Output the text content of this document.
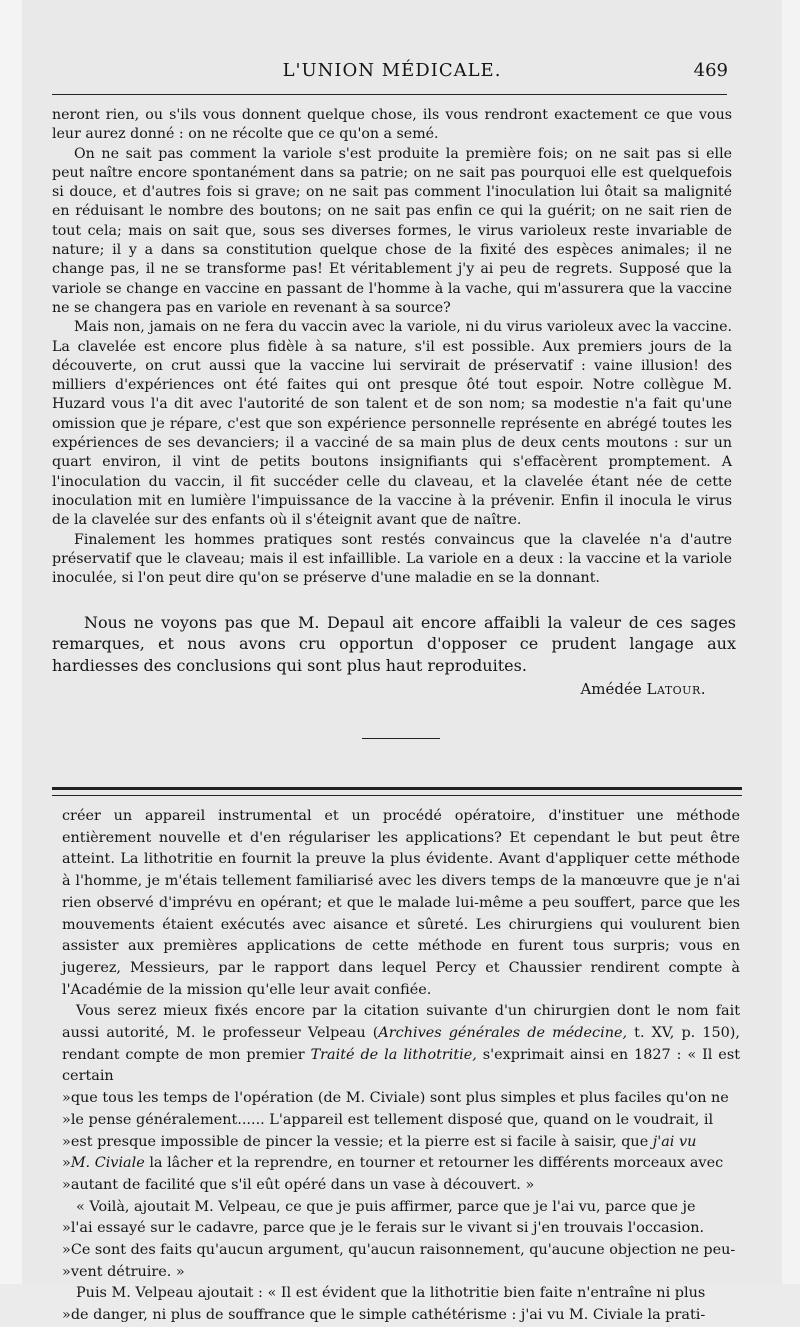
L'UNION MÉDICALE.	469

neront rien, ou s'ils vous donnent quelque chose, ils vous rendront exactement ce que vous leur aurez donné : on ne récolte que ce qu'on a semé.

On ne sait pas comment la variole s'est produite la première fois; on ne sait pas si elle peut naître encore spontanément dans sa patrie; on ne sait pas pourquoi elle est quelquefois si douce, et d'autres fois si grave; on ne sait pas comment l'inoculation lui ôtait sa malignité en réduisant le nombre des boutons; on ne sait pas enfin ce qui la guérit; on ne sait rien de tout cela; mais on sait que, sous ses diverses formes, le virus varioleux reste invariable de nature; il y a dans sa constitution quelque chose de la fixité des espèces animales; il ne change pas, il ne se transforme pas! Et véritablement j'y ai peu de regrets. Supposé que la variole se change en vaccine en passant de l'homme à la vache, qui m'assurera que la vaccine ne se changera pas en variole en revenant à sa source?

Mais non, jamais on ne fera du vaccin avec la variole, ni du virus varioleux avec la vaccine. La clavelée est encore plus fidèle à sa nature, s'il est possible. Aux premiers jours de la découverte, on crut aussi que la vaccine lui servirait de préservatif : vaine illusion! des milliers d'expériences ont été faites qui ont presque ôté tout espoir. Notre collègue M. Huzard vous l'a dit avec l'autorité de son talent et de son nom; sa modestie n'a fait qu'une omission que je répare, c'est que son expérience personnelle représente en abrégé toutes les expériences de ses devanciers; il a vacciné de sa main plus de deux cents moutons : sur un quart environ, il vint de petits boutons insignifiants qui s'effacèrent promptement. A l'inoculation du vaccin, il fit succéder celle du claveau, et la clavelée étant née de cette inoculation mit en lumière l'impuissance de la vaccine à la prévenir. Enfin il inocula le virus de la clavelée sur des enfants où il s'éteignit avant que de naître.

Finalement les hommes pratiques sont restés convaincus que la clavelée n'a d'autre préservatif que le claveau; mais il est infaillible. La variole en a deux : la vaccine et la variole inoculée, si l'on peut dire qu'on se préserve d'une maladie en se la donnant.

Nous ne voyons pas que M. Depaul ait encore affaibli la valeur de ces sages remarques, et nous avons cru opportun d'opposer ce prudent langage aux hardiesses des conclusions qui sont plus haut reproduites.

Amédée Latour.

créer un appareil instrumental et un procédé opératoire, d'instituer une méthode entièrement nouvelle et d'en régulariser les applications? Et cependant le but peut être atteint. La lithotritie en fournit la preuve la plus évidente. Avant d'appliquer cette méthode à l'homme, je m'étais tellement familiarisé avec les divers temps de la manœuvre que je n'ai rien observé d'imprévu en opérant; et que le malade lui-même a peu souffert, parce que les mouvements étaient exécutés avec aisance et sûreté. Les chirurgiens qui voulurent bien assister aux premières applications de cette méthode en furent tous surpris; vous en jugerez, Messieurs, par le rapport dans lequel Percy et Chaussier rendirent compte à l'Académie de la mission qu'elle leur avait confiée.

Vous serez mieux fixés encore par la citation suivante d'un chirurgien dont le nom fait aussi autorité, M. le professeur Velpeau (Archives générales de médecine, t. XV, p. 150), rendant compte de mon premier Traité de la lithotritie, s'exprimait ainsi en 1827 : « Il est certain

»que tous les temps de l'opération (de M. Civiale) sont plus simples et plus faciles qu'on ne

»le pense généralement...... L'appareil est tellement disposé que, quand on le voudrait, il

»est presque impossible de pincer la vessie; et la pierre est si facile à saisir, que j'ai vu

»M. Civiale la lâcher et la reprendre, en tourner et retourner les différents morceaux avec

»autant de facilité que s'il eût opéré dans un vase à découvert. »

« Voilà, ajoutait M. Velpeau, ce que je puis affirmer, parce que je l'ai vu, parce que je

»l'ai essayé sur le cadavre, parce que je le ferais sur le vivant si j'en trouvais l'occasion.

»Ce sont des faits qu'aucun argument, qu'aucun raisonnement, qu'aucune objection ne peu-

»vent détruire. »

Puis M. Velpeau ajoutait : « Il est évident que la lithotritie bien faite n'entraîne ni plus

»de danger, ni plus de souffrance que le simple cathétérisme : j'ai vu M. Civiale la prati-
